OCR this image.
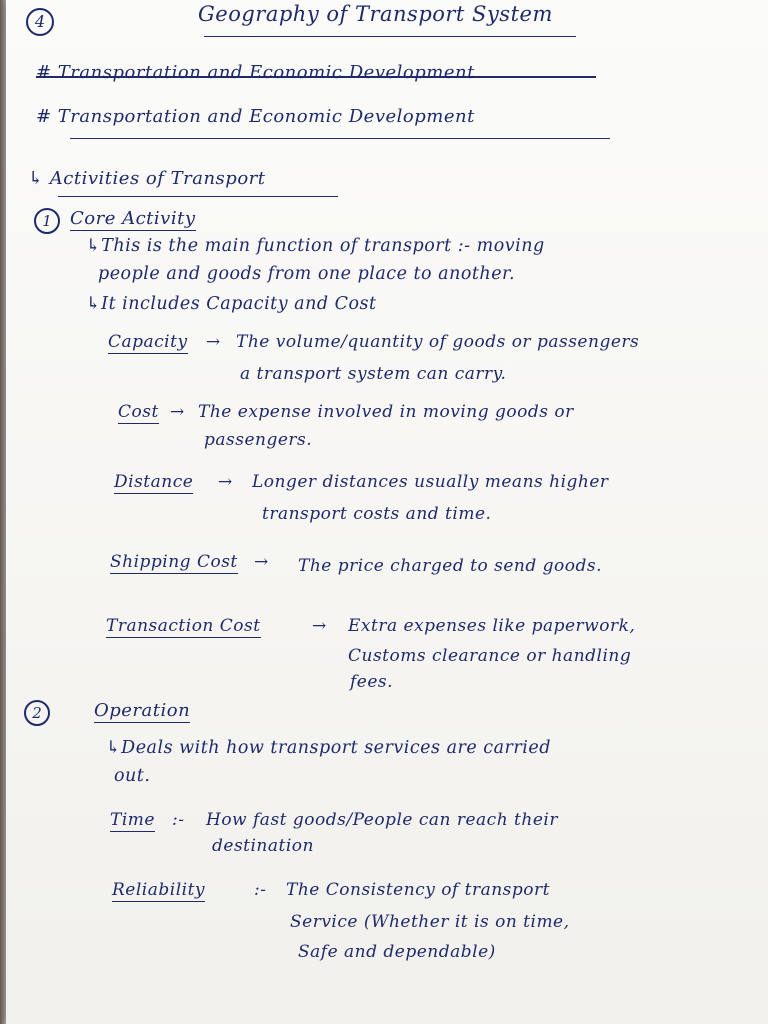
4	Geography of Transport System
# Transportation and Economic Development
# Transportation and Economic Development
↳ Activities of Transport
1	Core Activity
↳This is the main function of transport :- moving
people and goods from one place to another.
↳It includes Capacity and Cost
Capacity → The volume/quantity of goods or passengers
a transport system can carry.
Cost → The expense involved in moving goods or
passengers.
Distance → Longer distances usually means higher
transport costs and time.
Shipping Cost → The price charged to send goods.
Transaction Cost	→ Extra expenses like paperwork,
Customs clearance or handling
fees.
2	Operation
↳Deals with how transport services are carried
out.
Time :- How fast goods/People can reach their
destination
Reliability	:- The Consistency of transport
Service (Whether it is on time,
Safe and dependable)
